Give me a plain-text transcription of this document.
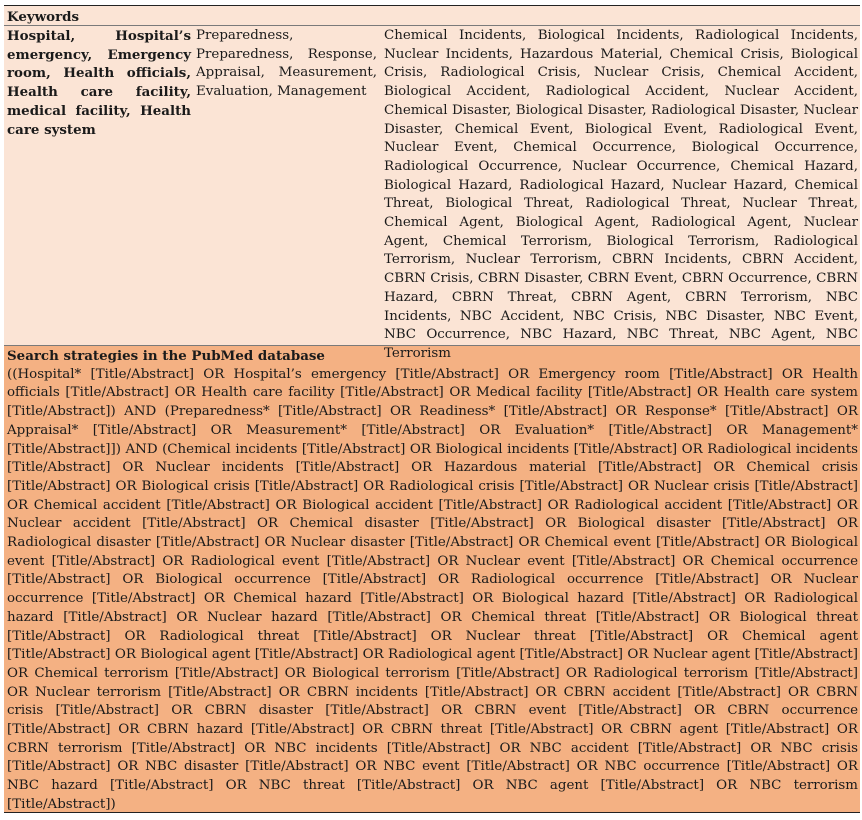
Keywords
Hospital, Hospital’s emergency, Emergency room, Health officials, Health care facility, medical facility, Health care system
Preparedness, Preparedness, Response, Appraisal, Measurement, Evaluation, Management
Chemical Incidents, Biological Incidents, Radiological Incidents, Nuclear Incidents, Hazardous Material, Chemical Crisis, Biological Crisis, Radiological Crisis, Nuclear Crisis, Chemical Accident, Biological Accident, Radiological Accident, Nuclear Accident, Chemical Disaster, Biological Disaster, Radiological Disaster, Nuclear Disaster, Chemical Event, Biological Event, Radiological Event, Nuclear Event, Chemical Occurrence, Biological Occurrence, Radiological Occurrence, Nuclear Occurrence, Chemical Hazard, Biological Hazard, Radiological Hazard, Nuclear Hazard, Chemical Threat, Biological Threat, Radiological Threat, Nuclear Threat, Chemical Agent, Biological Agent, Radiological Agent, Nuclear Agent, Chemical Terrorism, Biological Terrorism, Radiological Terrorism, Nuclear Terrorism, CBRN Incidents, CBRN Accident, CBRN Crisis, CBRN Disaster, CBRN Event, CBRN Occurrence, CBRN Hazard, CBRN Threat, CBRN Agent, CBRN Terrorism, NBC Incidents, NBC Accident, NBC Crisis, NBC Disaster, NBC Event, NBC Occurrence, NBC Hazard, NBC Threat, NBC Agent, NBC Terrorism
Search strategies in the PubMed database
((Hospital* [Title/Abstract] OR Hospital’s emergency [Title/Abstract] OR Emergency room [Title/Abstract] OR Health officials [Title/Abstract] OR Health care facility [Title/Abstract] OR Medical facility [Title/Abstract] OR Health care system [Title/Abstract]) AND (Preparedness* [Title/Abstract] OR Readiness* [Title/Abstract] OR Response* [Title/Abstract] OR Appraisal* [Title/Abstract] OR Measurement* [Title/Abstract] OR Evaluation* [Title/Abstract] OR Management* [Title/Abstract]]) AND (Chemical incidents [Title/Abstract] OR Biological incidents [Title/Abstract] OR Radiological incidents [Title/Abstract] OR Nuclear incidents [Title/Abstract] OR Hazardous material [Title/Abstract] OR Chemical crisis [Title/Abstract] OR Biological crisis [Title/Abstract] OR Radiological crisis [Title/Abstract] OR Nuclear crisis [Title/Abstract] OR Chemical accident [Title/Abstract] OR Biological accident [Title/Abstract] OR Radiological accident [Title/Abstract] OR Nuclear accident [Title/Abstract] OR Chemical disaster [Title/Abstract] OR Biological disaster [Title/Abstract] OR Radiological disaster [Title/Abstract] OR Nuclear disaster [Title/Abstract] OR Chemical event [Title/Abstract] OR Biological event [Title/Abstract] OR Radiological event [Title/Abstract] OR Nuclear event [Title/Abstract] OR Chemical occurrence [Title/Abstract] OR Biological occurrence [Title/Abstract] OR Radiological occurrence [Title/Abstract] OR Nuclear occurrence [Title/Abstract] OR Chemical hazard [Title/Abstract] OR Biological hazard [Title/Abstract] OR Radiological hazard [Title/Abstract] OR Nuclear hazard [Title/Abstract] OR Chemical threat [Title/Abstract] OR Biological threat [Title/Abstract] OR Radiological threat [Title/Abstract] OR Nuclear threat [Title/Abstract] OR Chemical agent [Title/Abstract] OR Biological agent [Title/Abstract] OR Radiological agent [Title/Abstract] OR Nuclear agent [Title/Abstract] OR Chemical terrorism [Title/Abstract] OR Biological terrorism [Title/Abstract] OR Radiological terrorism [Title/Abstract] OR Nuclear terrorism [Title/Abstract] OR CBRN incidents [Title/Abstract] OR CBRN accident [Title/Abstract] OR CBRN crisis [Title/Abstract] OR CBRN disaster [Title/Abstract] OR CBRN event [Title/Abstract] OR CBRN occurrence [Title/Abstract] OR CBRN hazard [Title/Abstract] OR CBRN threat [Title/Abstract] OR CBRN agent [Title/Abstract] OR CBRN terrorism [Title/Abstract] OR NBC incidents [Title/Abstract] OR NBC accident [Title/Abstract] OR NBC crisis [Title/Abstract] OR NBC disaster [Title/Abstract] OR NBC event [Title/Abstract] OR NBC occurrence [Title/Abstract] OR NBC hazard [Title/Abstract] OR NBC threat [Title/Abstract] OR NBC agent [Title/Abstract] OR NBC terrorism [Title/Abstract])
